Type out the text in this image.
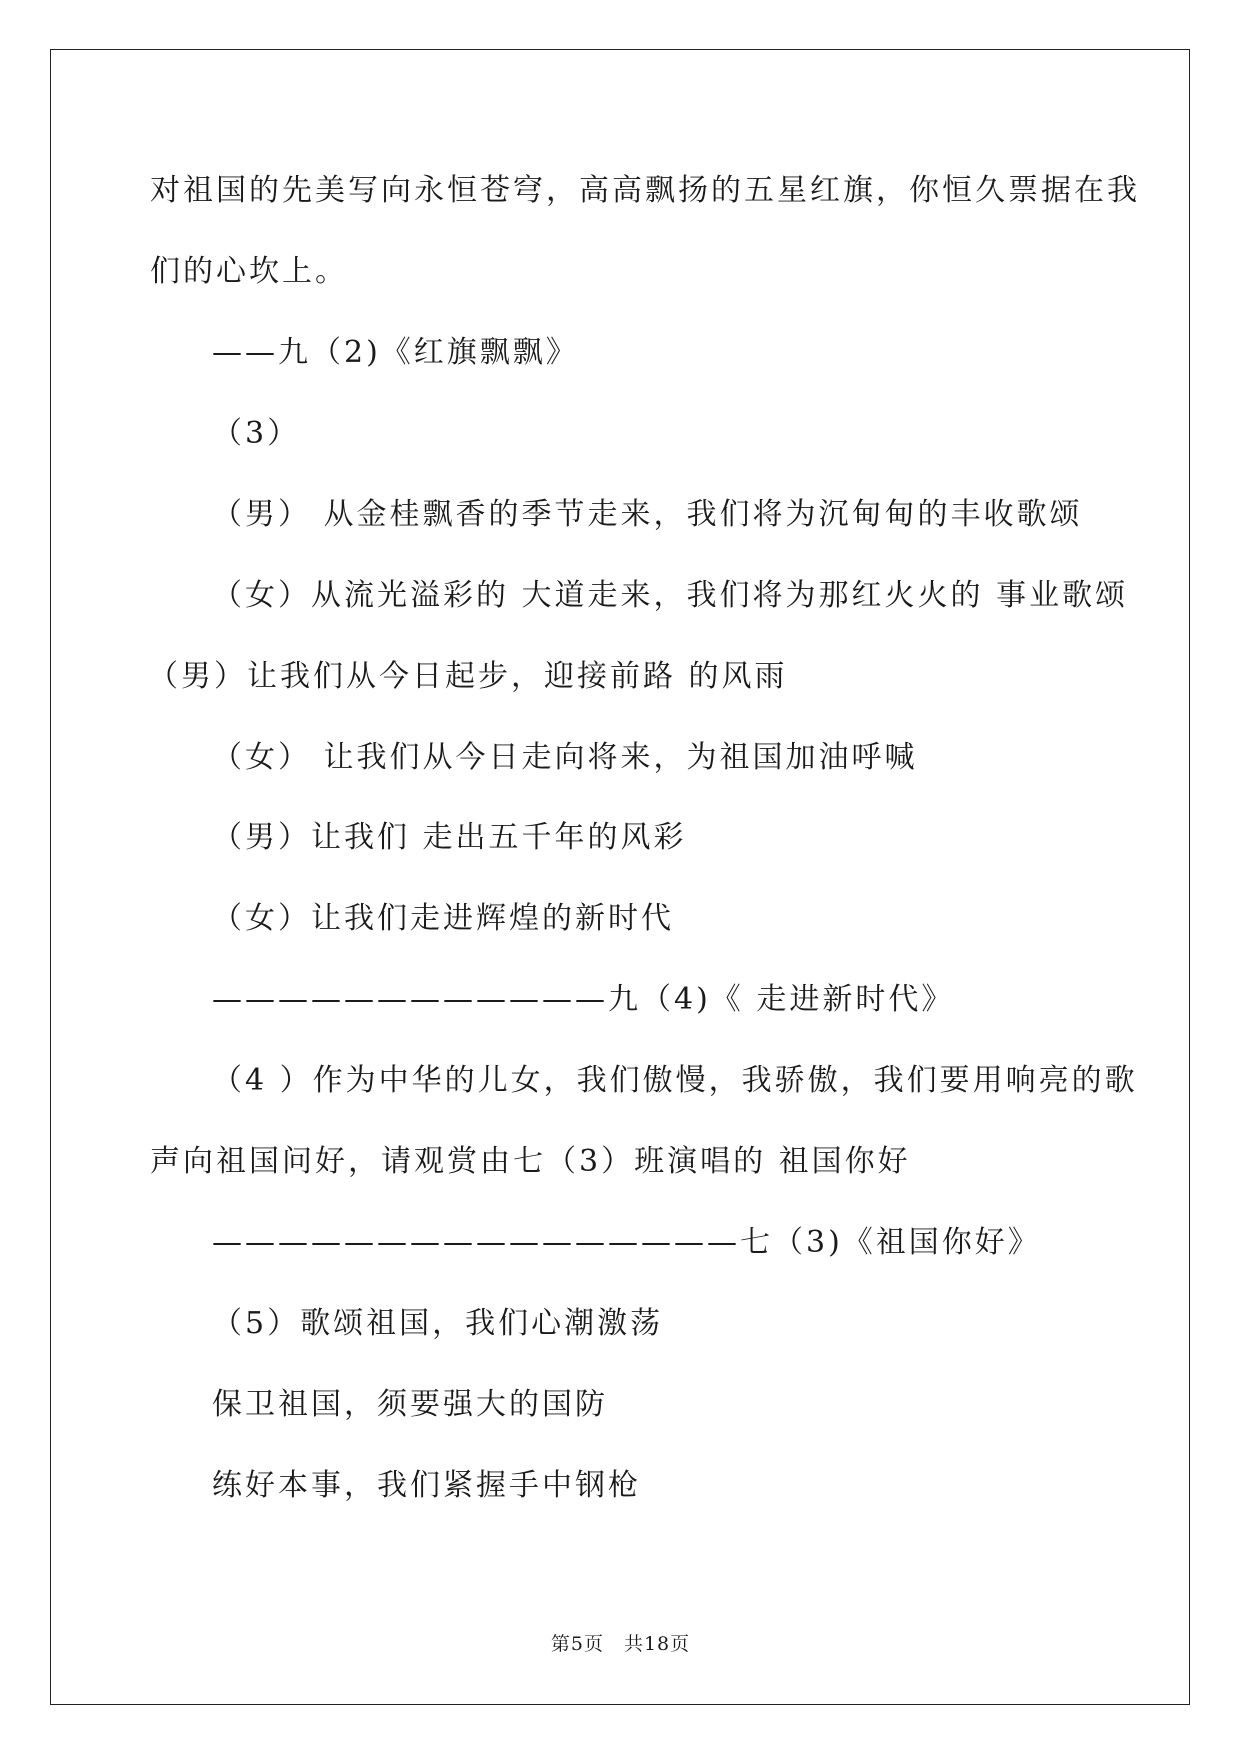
对祖国的先美写向永恒苍穹，高高飘扬的五星红旗，你恒久票据在我
们的心坎上。
——九（2)《红旗飘飘》
（3）
（男） 从金桂飘香的季节走来，我们将为沉甸甸的丰收歌颂
（女）从流光溢彩的 大道走来，我们将为那红火火的 事业歌颂
（男）让我们从今日起步，迎接前路 的风雨
（女） 让我们从今日走向将来，为祖国加油呼喊
（男）让我们 走出五千年的风彩
（女）让我们走进辉煌的新时代
————————————九（4)《 走进新时代》
（4 ）作为中华的儿女，我们傲慢，我骄傲，我们要用响亮的歌
声向祖国问好，请观赏由七（3）班演唱的 祖国你好
————————————————七（3)《祖国你好》
（5）歌颂祖国，我们心潮激荡
保卫祖国，须要强大的国防
练好本事，我们紧握手中钢枪
第5页　共18页
